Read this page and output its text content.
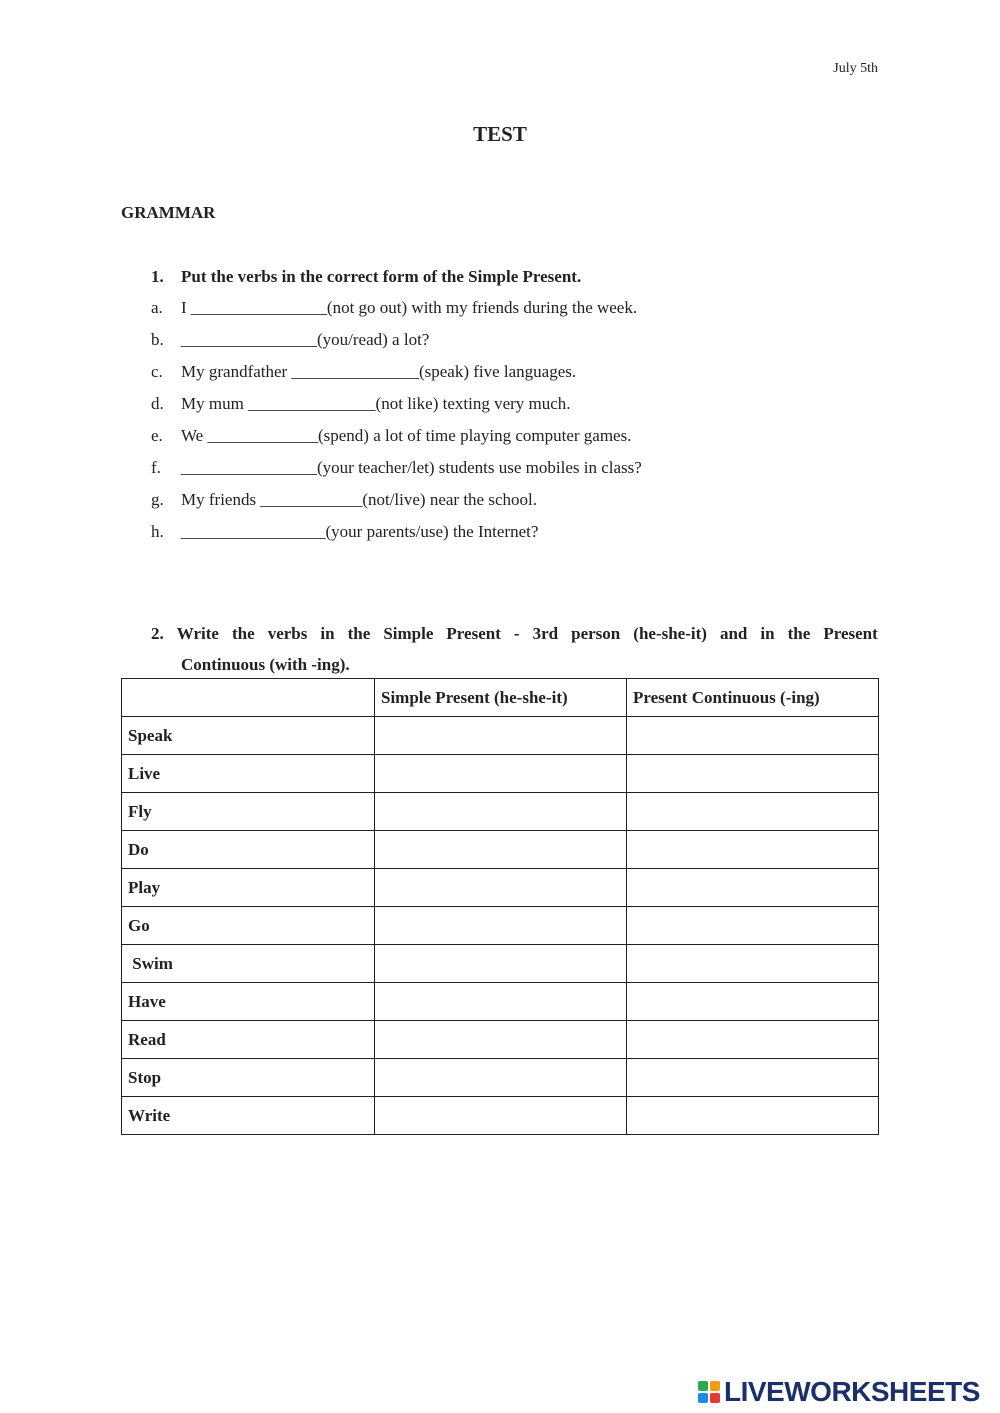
July 5th
TEST
GRAMMAR
1. Put the verbs in the correct form of the Simple Present.
a. I ________________(not go out) with my friends during the week.
b. ________________(you/read) a lot?
c. My grandfather _______________(speak) five languages.
d. My mum _______________(not like) texting very much.
e. We _____________(spend) a lot of time playing computer games.
f. ________________(your teacher/let) students use mobiles in class?
g. My friends ____________(not/live) near the school.
h. _________________(your parents/use) the Internet?
2. Write the verbs in the Simple Present - 3rd person (he-she-it) and in the Present
Continuous (with -ing).
	Simple Present (he-she-it)	Present Continuous (-ing)
Speak		
Live		
Fly		
Do		
Play		
Go		
Swim		
Have		
Read		
Stop		
Write		
LIVE WORKSHEETS
